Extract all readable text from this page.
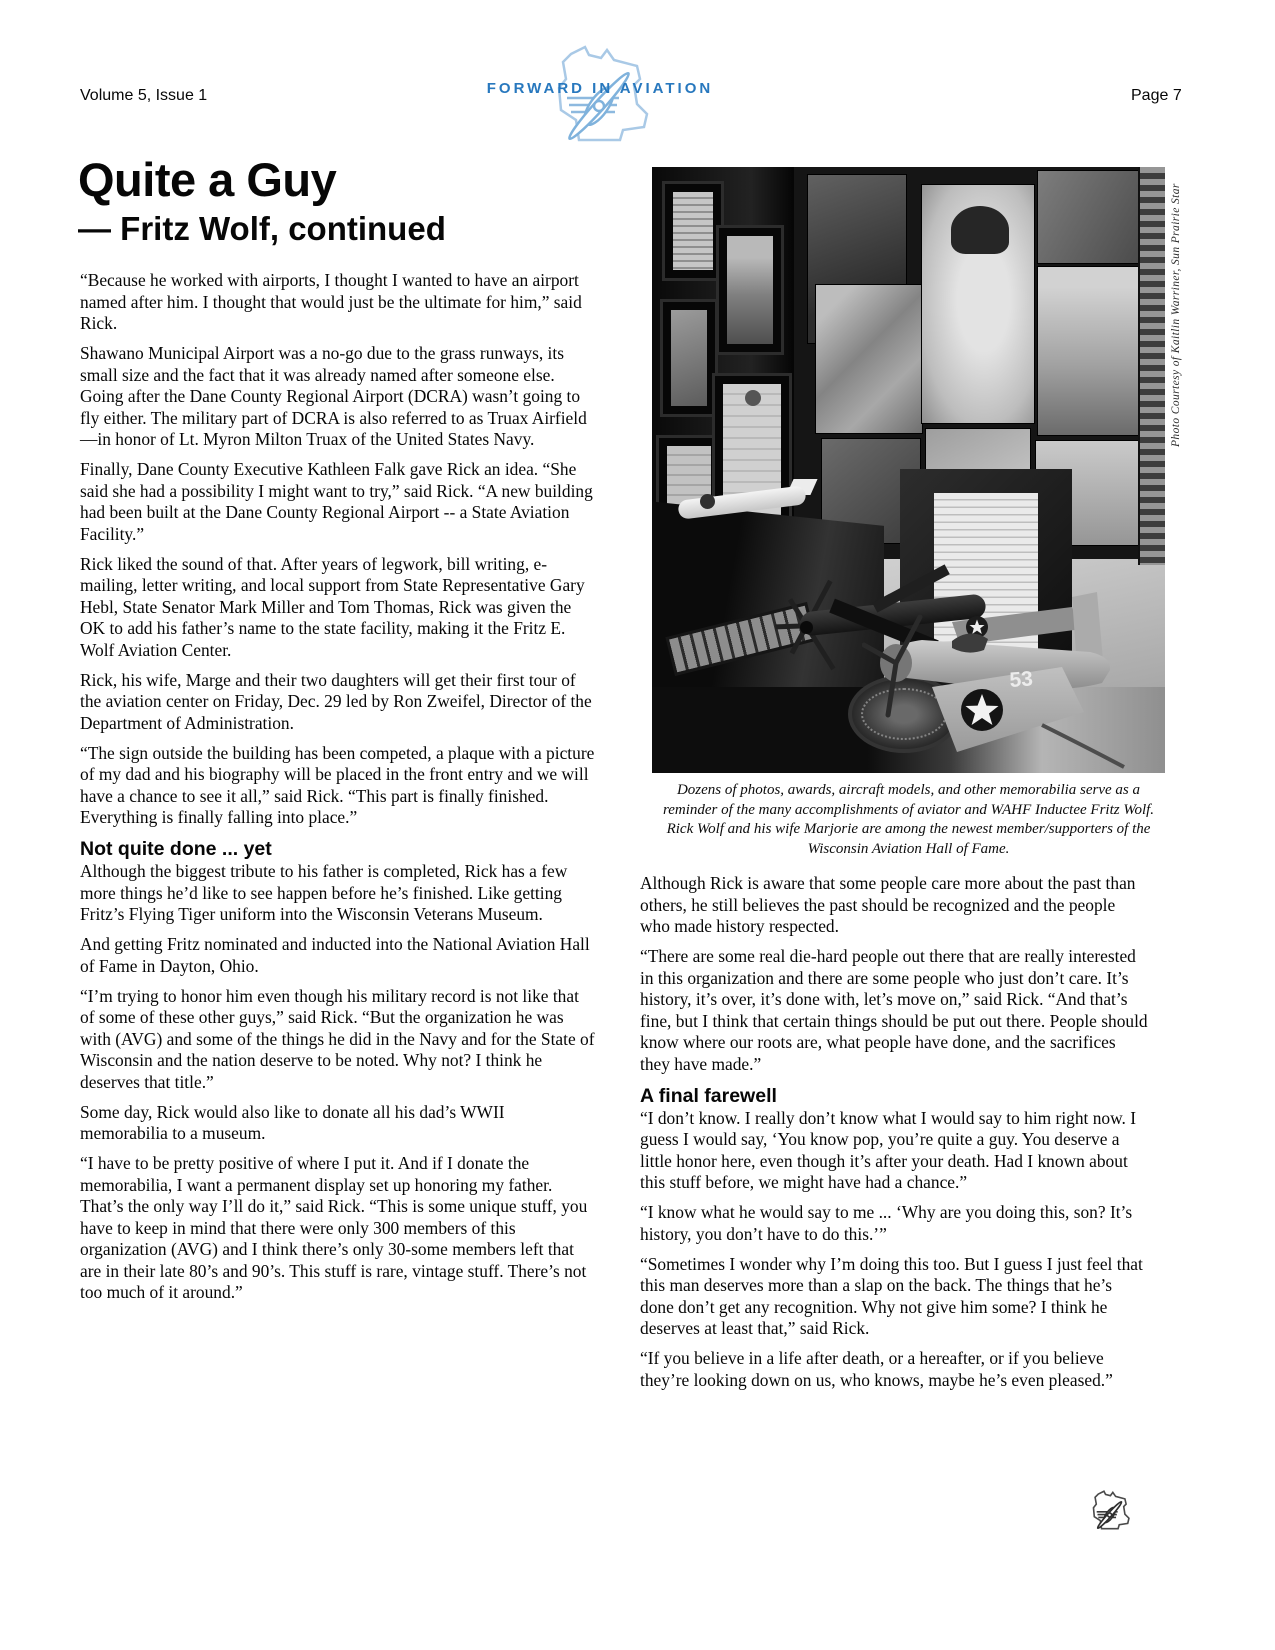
Volume 5, Issue 1	Page 7
FORWARD IN AVIATION
Quite a Guy
— Fritz Wolf, continued

“Because he worked with airports, I thought I wanted to have an airport named after him. I thought that would just be the ultimate for him,” said Rick.

Shawano Municipal Airport was a no-go due to the grass runways, its small size and the fact that it was already named after someone else. Going after the Dane County Regional Airport (DCRA) wasn’t going to fly either. The military part of DCRA is also referred to as Truax Airfield—in honor of Lt. Myron Milton Truax of the United States Navy.

Finally, Dane County Executive Kathleen Falk gave Rick an idea. “She said she had a possibility I might want to try,” said Rick. “A new building had been built at the Dane County Regional Airport -- a State Aviation Facility.”

Rick liked the sound of that. After years of legwork, bill writing, e-mailing, letter writing, and local support from State Representative Gary Hebl, State Senator Mark Miller and Tom Thomas, Rick was given the OK to add his father’s name to the state facility, making it the Fritz E. Wolf Aviation Center.

Rick, his wife, Marge and their two daughters will get their first tour of the aviation center on Friday, Dec. 29 led by Ron Zweifel, Director of the Department of Administration.

“The sign outside the building has been competed, a plaque with a picture of my dad and his biography will be placed in the front entry and we will have a chance to see it all,” said Rick. “This part is finally finished. Everything is finally falling into place.”

Not quite done ... yet

Although the biggest tribute to his father is completed, Rick has a few more things he’d like to see happen before he’s finished. Like getting Fritz’s Flying Tiger uniform into the Wisconsin Veterans Museum.

And getting Fritz nominated and inducted into the National Aviation Hall of Fame in Dayton, Ohio.

“I’m trying to honor him even though his military record is not like that of some of these other guys,” said Rick. “But the organization he was with (AVG) and some of the things he did in the Navy and for the State of Wisconsin and the nation deserve to be noted. Why not? I think he deserves that title.”

Some day, Rick would also like to donate all his dad’s WWII memorabilia to a museum.

“I have to be pretty positive of where I put it. And if I donate the memorabilia, I want a permanent display set up honoring my father. That’s the only way I’ll do it,” said Rick. “This is some unique stuff, you have to keep in mind that there were only 300 members of this organization (AVG) and I think there’s only 30-some members left that are in their late 80’s and 90’s. This stuff is rare, vintage stuff. There’s not too much of it around.”

53
Photo Courtesy of Kaitlin Warriner, Sun Prairie Star
Dozens of photos, awards, aircraft models, and other memorabilia serve as a reminder of the many accomplishments of aviator and WAHF Inductee Fritz Wolf. Rick Wolf and his wife Marjorie are among the newest member/supporters of the Wisconsin Aviation Hall of Fame.

Although Rick is aware that some people care more about the past than others, he still believes the past should be recognized and the people who made history respected.

“There are some real die-hard people out there that are really interested in this organization and there are some people who just don’t care. It’s history, it’s over, it’s done with, let’s move on,” said Rick. “And that’s fine, but I think that certain things should be put out there. People should know where our roots are, what people have done, and the sacrifices they have made.”

A final farewell

“I don’t know. I really don’t know what I would say to him right now. I guess I would say, ‘You know pop, you’re quite a guy. You deserve a little honor here, even though it’s after your death. Had I known about this stuff before, we might have had a chance.”

“I know what he would say to me ... ‘Why are you doing this, son? It’s history, you don’t have to do this.’”

“Sometimes I wonder why I’m doing this too. But I guess I just feel that this man deserves more than a slap on the back. The things that he’s done don’t get any recognition. Why not give him some? I think he deserves at least that,” said Rick.

“If you believe in a life after death, or a hereafter, or if you believe they’re looking down on us, who knows, maybe he’s even pleased.”
